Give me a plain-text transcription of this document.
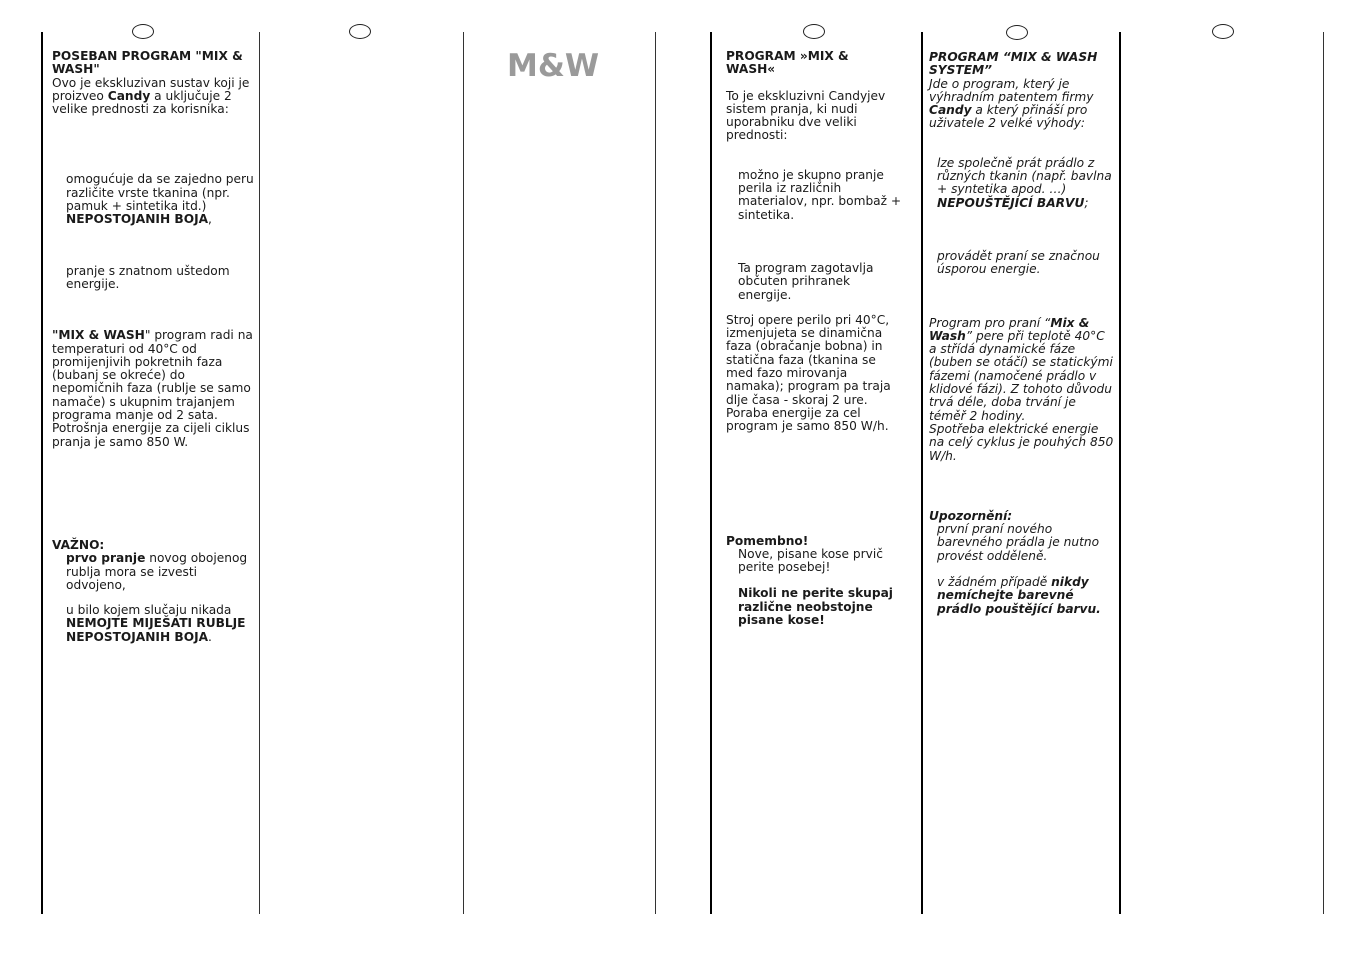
M&W

POSEBAN PROGRAM "MIX & WASH"

Ovo je ekskluzivan sustav koji je proizveo Candy a uključuje 2 velike prednosti za korisnika:

omogućuje da se zajedno peru različite vrste tkanina (npr. pamuk + sintetika itd.) NEPOSTOJANIH BOJA,

pranje s znatnom uštedom energije.

"MIX & WASH" program radi na temperaturi od 40°C od promijenjivih pokretnih faza (bubanj se okreće) do nepomičnih faza (rublje se samo namače) s ukupnim trajanjem programa manje od 2 sata. Potrošnja energije za cijeli ciklus pranja je samo 850 W.

VAŽNO:

prvo pranje novog obojenog rublja mora se izvesti odvojeno,

u bilo kojem slučaju nikada NEMOJTE MIJEŠATI RUBLJE NEPOSTOJANIH BOJA.

PROGRAM »MIX & WASH«

To je ekskluzivni Candyjev sistem pranja, ki nudi uporabniku dve veliki prednosti:

možno je skupno pranje perila iz različnih materialov, npr. bombaž + sintetika.

Ta program zagotavlja občuten prihranek energije.

Stroj opere perilo pri 40°C, izmenjujeta se dinamična faza (obračanje bobna) in statična faza (tkanina se med fazo mirovanja namaka); program pa traja dlje časa - skoraj 2 ure. Poraba energije za cel program je samo 850 W/h.

Pomembno!

Nove, pisane kose prvič perite posebej!

Nikoli ne perite skupaj različne neobstojne pisane kose!

PROGRAM “MIX & WASH SYSTEM”

Jde o program, který je výhradním patentem firmy Candy a který přináší pro uživatele 2 velké výhody:

lze společně prát prádlo z různých tkanin (např. bavlna + syntetika apod. …) NEPOUŠTĚJÍCÍ BARVU;

provádět praní se značnou úsporou energie.

Program pro praní “Mix & Wash” pere při teplotě 40°C a střídá dynamické fáze (buben se otáčí) se statickými fázemi (namočené prádlo v klidové fázi). Z tohoto důvodu trvá déle, doba trvání je téměř 2 hodiny.

Spotřeba elektrické energie na celý cyklus je pouhých 850 W/h.

Upozornění:

první praní nového barevného prádla je nutno provést odděleně.

v žádném případě nikdy nemíchejte barevné prádlo pouštějící barvu.
